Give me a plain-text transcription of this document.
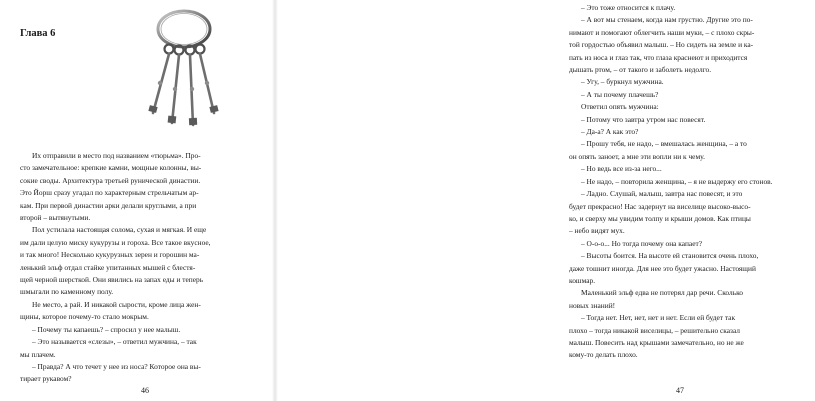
Глава 6

Их отправили в место под названием «тюрьма». Про-

сто замечательное: крепкие камни, мощные колонны, вы-

сокие своды. Архитектура третьей рунической династии.

Это Йорш сразу угадал по характерным стрельчатым ар-

кам. При первой династии арки делали круглыми, а при

второй – вытянутыми.

Пол устилала настоящая солома, сухая и мягкая. И еще

им дали целую миску кукурузы и гороха. Все такое вкусное,

и так много! Несколько кукурузных зерен и горошин ма-

ленький эльф отдал стайке упитанных мышей с блестя-

щей черной шерсткой. Они явились на запах еды и теперь

шмыгали по каменному полу.

Не место, а рай. И никакой сырости, кроме лица жен-

щины, которое почему-то стало мокрым.

– Почему ты капаешь? – спросил у нее малыш.

– Это называется «слезы», – ответил мужчина, – так

мы плачем.

– Правда? А что течет у нее из носа? Которое она вы-

тирает рукавом?

46

– Это тоже относится к плачу.

– А вот мы стенаем, когда нам грустно. Другие это по-

нимают и помогают облегчить наши муки, – с плохо скры-

той гордостью объявил малыш. – Но сидеть на земле и ка-

пать из носа и глаз так, что глаза краснеют и приходится

дышать ртом, – от такого и заболеть недолго.

– Угу, – буркнул мужчина.

– А ты почему плачешь?

Ответил опять мужчина:

– Потому что завтра утром нас повесят.

– Да-а? А как это?

– Прошу тебя, не надо, – вмешалась женщина, – а то

он опять заноет, а мне эти вопли ни к чему.

– Но ведь все из-за него...

– Не надо, – повторила женщина, – я не выдержу его стонов.

– Ладно. Слушай, малыш, завтра нас повесят, и это

будет прекрасно! Нас задернут на виселице высоко-высо-

ко, и сверху мы увидим толпу и крыши домов. Как птицы

– небо видят мух.

– О-о-о... Но тогда почему она капает?

– Высоты боится. На высоте ей становится очень плохо,

даже тошнит иногда. Для нее это будет ужасно. Настоящий

кошмар.

Маленький эльф едва не потерял дар речи. Сколько

новых знаний!

– Тогда нет. Нет, нет, нет и нет. Если ей будет так

плохо – тогда никакой виселицы, – решительно сказал

малыш. Повесить над крышами замечательно, но не же

кому-то делать плохо.

47
